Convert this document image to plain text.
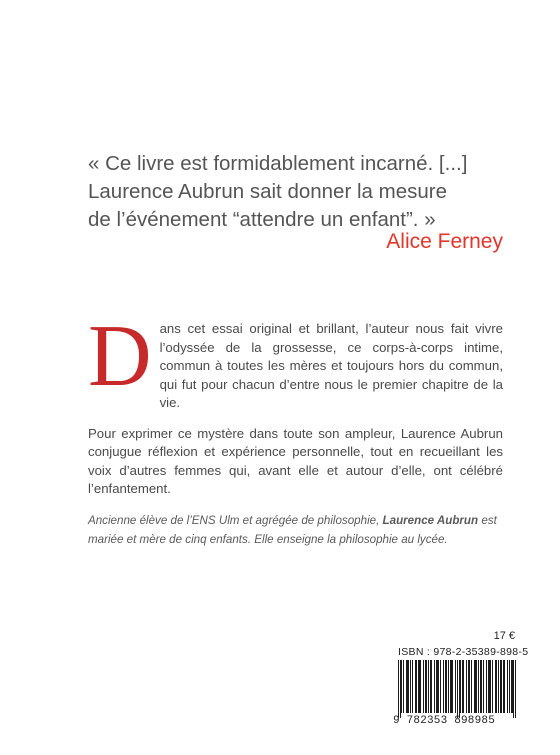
« Ce livre est formidablement incarné. [...]

Laurence Aubrun sait donner la mesure

de l’événement “attendre un enfant”. »

Alice Ferney

Dans cet essai original et brillant, l’auteur nous fait vivre l’odyssée de la grossesse, ce corps-à-corps intime, commun à toutes les mères et toujours hors du commun, qui fut pour chacun d’entre nous le premier chapitre de la vie.

Pour exprimer ce mystère dans toute son ampleur, Laurence Aubrun conjugue réflexion et expérience personnelle, tout en recueillant les voix d’autres femmes qui, avant elle et autour d’elle, ont célébré l’enfantement.

Ancienne élève de l’ENS Ulm et agrégée de philosophie, Laurence Aubrun est mariée et mère de cinq enfants. Elle enseigne la philosophie au lycée.

17 €
ISBN : 978-2-35389-898-5
9 782353 898985
